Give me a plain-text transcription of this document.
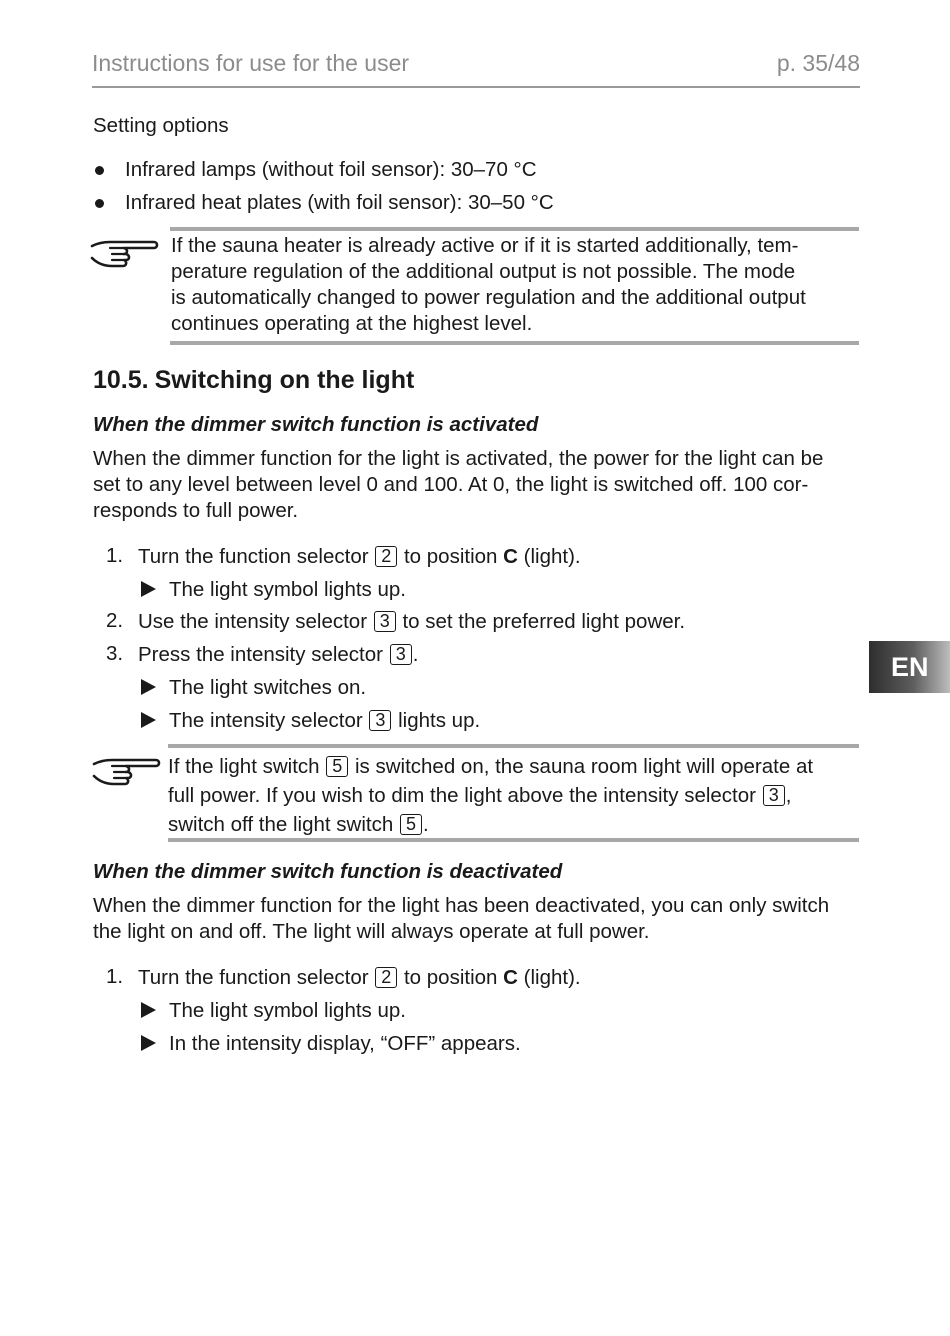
Instructions for use for the user	p. 35/48
EN
Setting options
Infrared lamps (without foil sensor): 30–70 °C
Infrared heat plates (with foil sensor): 30–50 °C
If the sauna heater is already active or if it is started additionally, tem-
perature regulation of the additional output is not possible. The mode
is automatically changed to power regulation and the additional output
continues operating at the highest level.
10.5. Switching on the light
When the dimmer switch function is activated
When the dimmer function for the light is activated, the power for the light can be
set to any level between level 0 and 100. At 0, the light is switched off. 100 cor-
responds to full power.
1. Turn the function selector 2 to position C (light).
The light symbol lights up.
2. Use the intensity selector 3 to set the preferred light power.
3. Press the intensity selector 3 .
The light switches on.
The intensity selector 3 lights up.
If the light switch 5 is switched on, the sauna room light will operate at
full power. If you wish to dim the light above the intensity selector 3 ,
switch off the light switch 5 .
When the dimmer switch function is deactivated
When the dimmer function for the light has been deactivated, you can only switch
the light on and off. The light will always operate at full power.
1. Turn the function selector 2 to position C (light).
The light symbol lights up.
In the intensity display, “OFF” appears.
